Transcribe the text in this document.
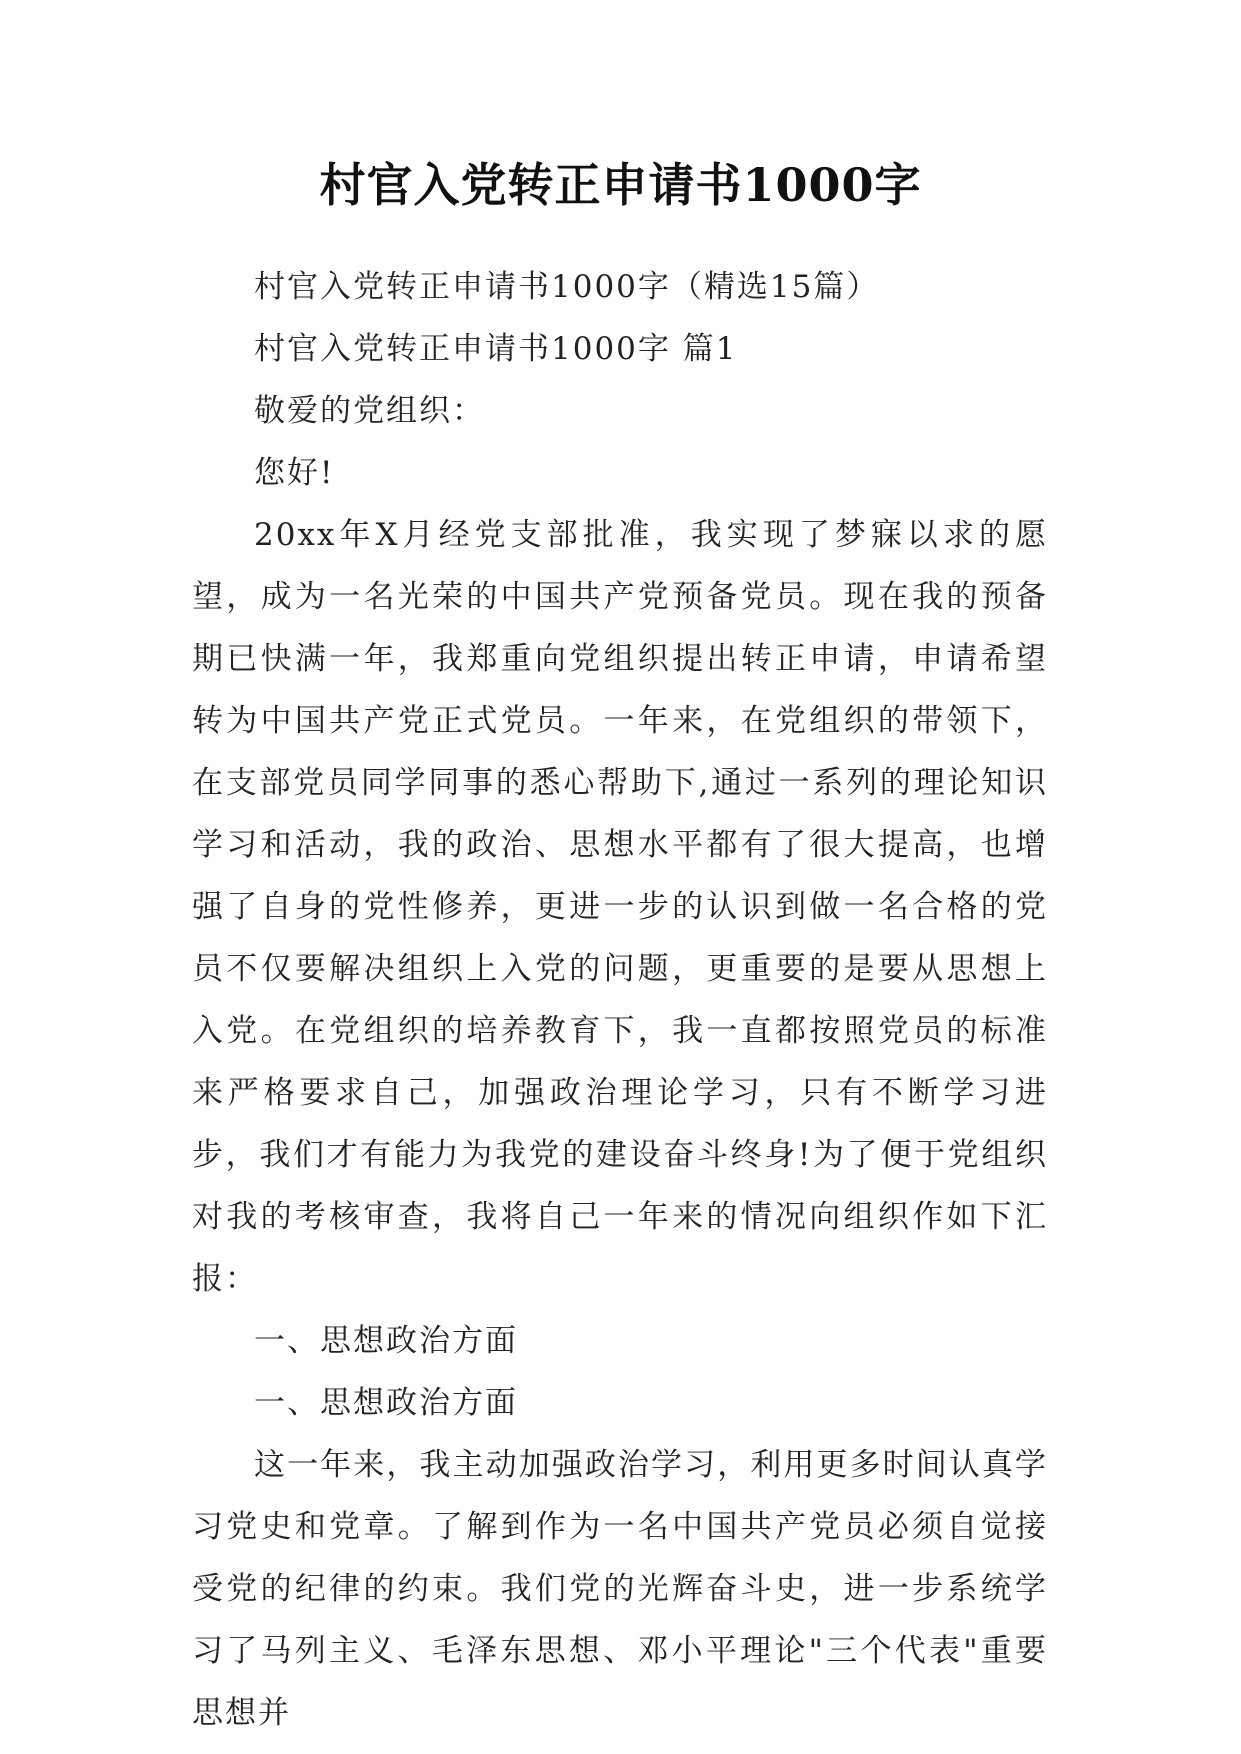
村官入党转正申请书1000字

村官入党转正申请书1000字（精选15篇）

村官入党转正申请书1000字 篇1

敬爱的党组织：

您好!

20xx年X月经党支部批准，我实现了梦寐以求的愿望，成为一名光荣的中国共产党预备党员。现在我的预备期已快满一年，我郑重向党组织提出转正申请，申请希望转为中国共产党正式党员。一年来，在党组织的带领下，在支部党员同学同事的悉心帮助下,通过一系列的理论知识学习和活动，我的政治、思想水平都有了很大提高，也增强了自身的党性修养，更进一步的认识到做一名合格的党员不仅要解决组织上入党的问题，更重要的是要从思想上入党。在党组织的培养教育下，我一直都按照党员的标准来严格要求自己，加强政治理论学习，只有不断学习进步，我们才有能力为我党的建设奋斗终身!为了便于党组织对我的考核审查，我将自己一年来的情况向组织作如下汇报：

一、思想政治方面

一、思想政治方面

这一年来，我主动加强政治学习，利用更多时间认真学习党史和党章。了解到作为一名中国共产党员必须自觉接受党的纪律的约束。我们党的光辉奋斗史，进一步系统学习了马列主义、毛泽东思想、邓小平理论"三个代表"重要思想并
